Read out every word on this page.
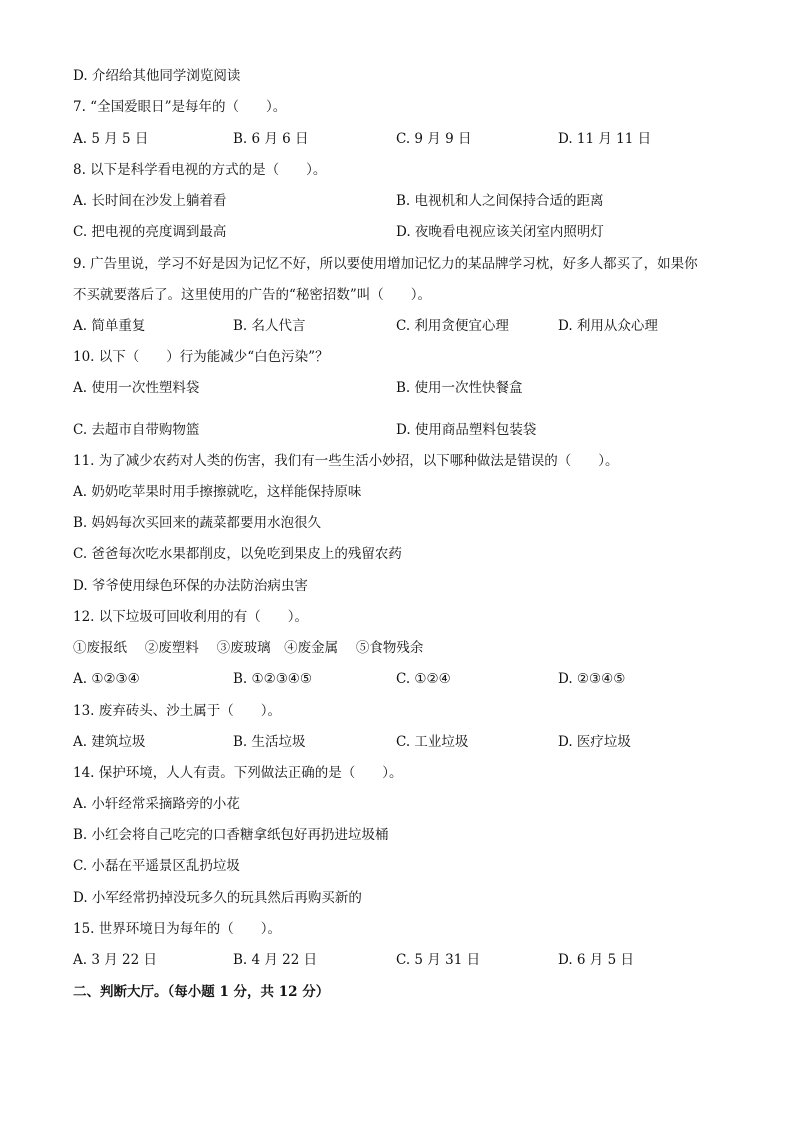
D. 介绍给其他同学浏览阅读
7. “全国爱眼日”是每年的（　　）。
A. 5 月 5 日	B. 6 月 6 日	C. 9 月 9 日	D. 11 月 11 日
8. 以下是科学看电视的方式的是（　　）。
A. 长时间在沙发上躺着看	B. 电视机和人之间保持合适的距离
C. 把电视的亮度调到最高	D. 夜晚看电视应该关闭室内照明灯
9. 广告里说，学习不好是因为记忆不好，所以要使用增加记忆力的某品牌学习枕，好多人都买了，如果你
不买就要落后了。这里使用的广告的“秘密招数”叫（　　）。
A. 简单重复	B. 名人代言	C. 利用贪便宜心理	D. 利用从众心理
10. 以下（　　）行为能减少“白色污染”？
A. 使用一次性塑料袋	B. 使用一次性快餐盒
C. 去超市自带购物篮	D. 使用商品塑料包装袋
11. 为了减少农药对人类的伤害，我们有一些生活小妙招，以下哪种做法是错误的（　　）。
A. 奶奶吃苹果时用手擦擦就吃，这样能保持原味
B. 妈妈每次买回来的蔬菜都要用水泡很久
C. 爸爸每次吃水果都削皮，以免吃到果皮上的残留农药
D. 爷爷使用绿色环保的办法防治病虫害
12. 以下垃圾可回收利用的有（　　）。
①废报纸　 ②废塑料　 ③废玻璃　④废金属　 ⑤食物残余
A. ①②③④	B. ①②③④⑤	C. ①②④	D. ②③④⑤
13. 废弃砖头、沙土属于（　　）。
A. 建筑垃圾	B. 生活垃圾	C. 工业垃圾	D. 医疗垃圾
14. 保护环境，人人有责。下列做法正确的是（　　）。
A. 小轩经常采摘路旁的小花
B. 小红会将自己吃完的口香糖拿纸包好再扔进垃圾桶
C. 小磊在平遥景区乱扔垃圾
D. 小军经常扔掉没玩多久的玩具然后再购买新的
15. 世界环境日为每年的（　　）。
A. 3 月 22 日	B. 4 月 22 日	C. 5 月 31 日	D. 6 月 5 日
二、判断大厅。（每小题 1 分，共 12 分）
